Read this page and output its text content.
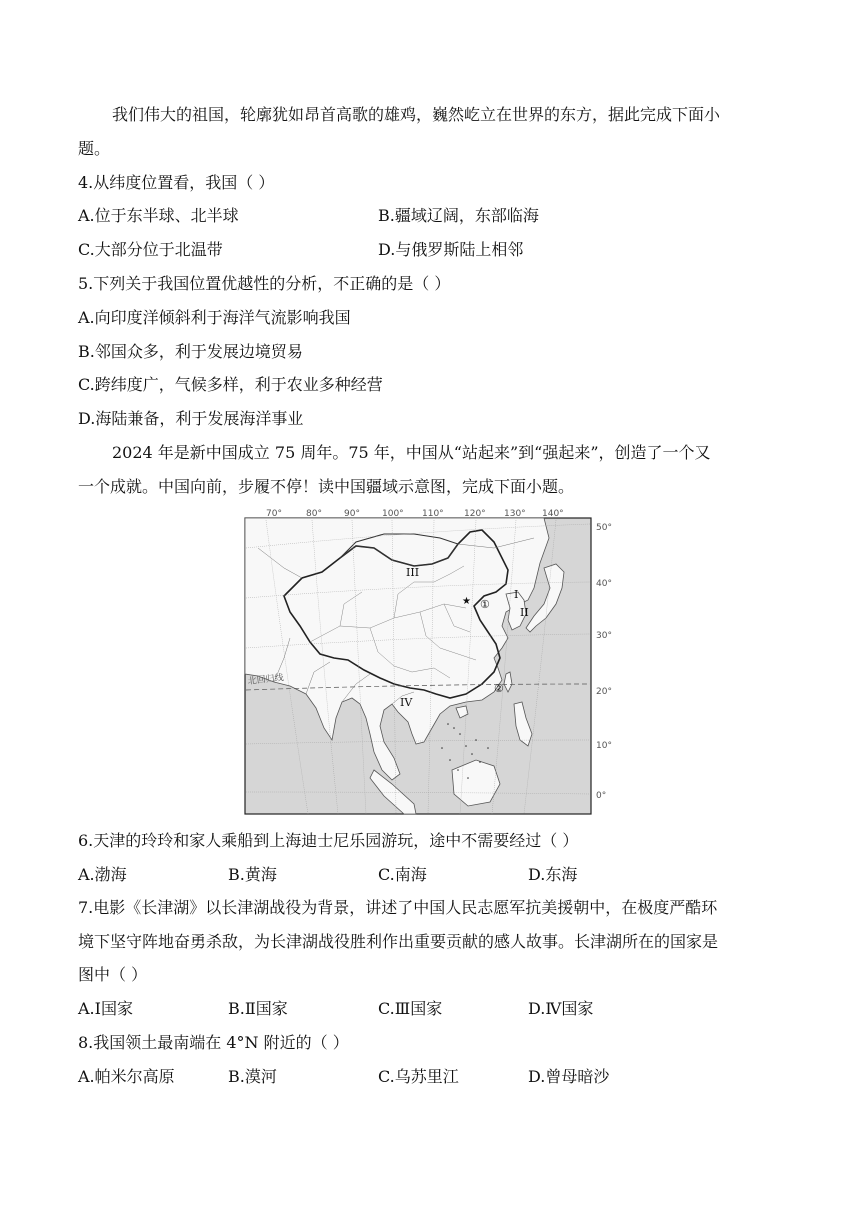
我们伟大的祖国，轮廓犹如昂首高歌的雄鸡，巍然屹立在世界的东方，据此完成下面小
题。
4.从纬度位置看，我国（ ）
A.位于东半球、北半球	B.疆域辽阔，东部临海
C.大部分位于北温带	D.与俄罗斯陆上相邻
5.下列关于我国位置优越性的分析，不正确的是（ ）
A.向印度洋倾斜利于海洋气流影响我国
B.邻国众多，利于发展边境贸易
C.跨纬度广，气候多样，利于农业多种经营
D.海陆兼备，利于发展海洋事业
2024 年是新中国成立 75 周年。75 年，中国从“站起来”到“强起来”，创造了一个又
一个成就。中国向前，步履不停！读中国疆域示意图，完成下面小题。
北回归线
70°	80° 90° 100° 110° 120° 130° 140°
50°
40°
30°
20°
10°
0°
III
I
II
IV
★ ①
②
6.天津的玲玲和家人乘船到上海迪士尼乐园游玩，途中不需要经过（ ）
A.渤海	B.黄海	C.南海	D.东海
7.电影《长津湖》以长津湖战役为背景，讲述了中国人民志愿军抗美援朝中，在极度严酷环
境下坚守阵地奋勇杀敌，为长津湖战役胜利作出重要贡献的感人故事。长津湖所在的国家是
图中（ ）
A.Ⅰ国家	B.Ⅱ国家	C.Ⅲ国家	D.Ⅳ国家
8.我国领土最南端在 4°N 附近的（ ）
A.帕米尔高原	B.漠河	C.乌苏里江	D.曾母暗沙
